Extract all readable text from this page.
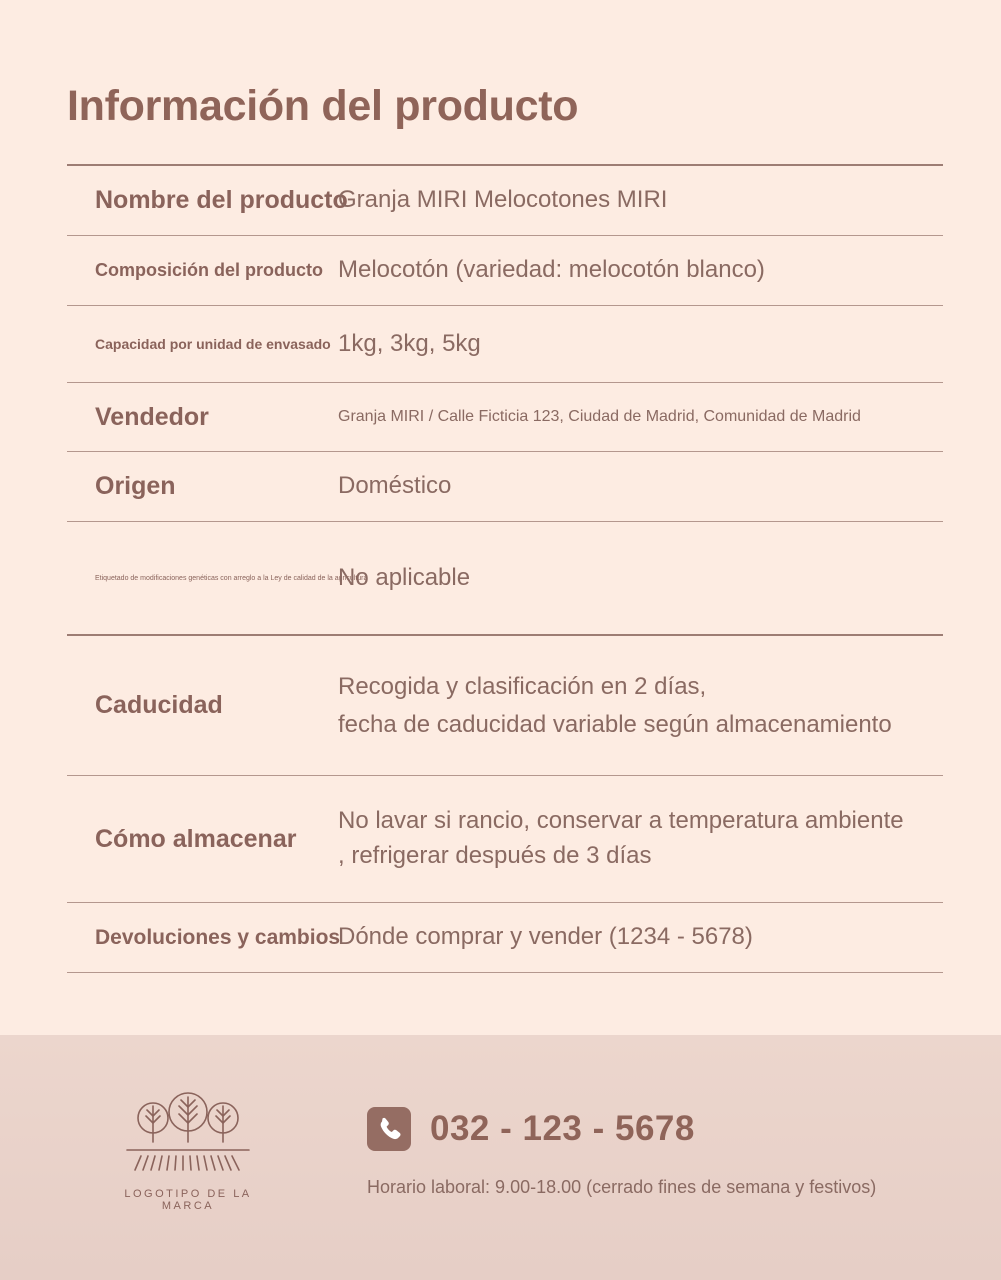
Información del producto
Nombre del producto
Granja MIRI Melocotones MIRI
Composición del producto Melocotón (variedad: melocotón blanco)
Capacidad por unidad de envasado 1kg, 3kg, 5kg
Vendedor	Granja MIRI / Calle Ficticia 123, Ciudad de Madrid, Comunidad de Madrid
Origen	Doméstico
Etiquetado de modificaciones genéticas con arreglo a la Ley de calidad de la agricultura
No aplicable
Caducidad
Recogida y clasificación en 2 días,
fecha de caducidad variable según almacenamiento
Cómo almacenar
No lavar si rancio, conservar a temperatura ambiente
, refrigerar después de 3 días
Devoluciones y cambios
Dónde comprar y vender (1234 - 5678)
LOGOTIPO DE LA MARCA
032 - 123 - 5678
Horario laboral: 9.00-18.00 (cerrado fines de semana y festivos)
